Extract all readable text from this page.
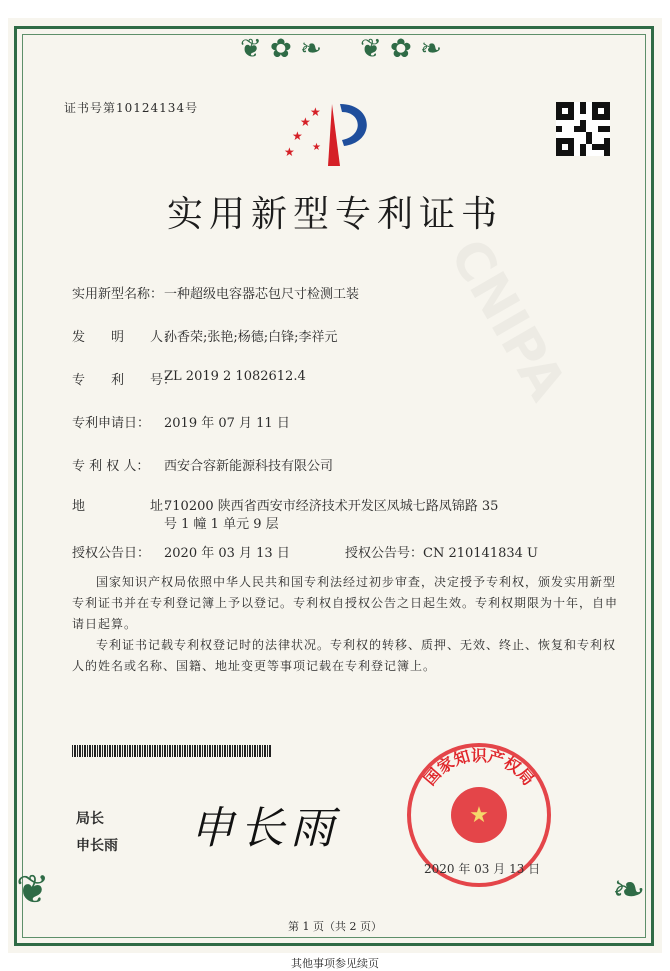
❦ ✿ ❧ ❦ ✿ ❧
❦	❧
证书号第10124134号
★
★
★
★ ★
实用新型专利证书
实用新型名称：一种超级电容器芯包尺寸检测工装
发　　明　　人：孙香荣;张艳;杨德;白锋;李祥元
专　　利　　号：ZL 2019 2 1082612.4
专利申请日： 2019 年 07 月 11 日
专 利 权 人： 西安合容新能源科技有限公司
地　　　　　址：710200 陕西省西安市经济技术开发区凤城七路凤锦路 35
号 1 幢 1 单元 9 层
授权公告日： 2020 年 03 月 13 日	授权公告号：CN 210141834 U

国家知识产权局依照中华人民共和国专利法经过初步审查，决定授予专利权，颁发实用新型专利证书并在专利登记簿上予以登记。专利权自授权公告之日起生效。专利权期限为十年，自申请日起算。

专利证书记载专利权登记时的法律状况。专利权的转移、质押、无效、终止、恢复和专利权人的姓名或名称、国籍、地址变更等事项记载在专利登记簿上。

局长
申长雨 申长雨	★
国家知识产权局
2020 年 03 月 13 日
第 1 页（共 2 页）
其他事项参见续页
